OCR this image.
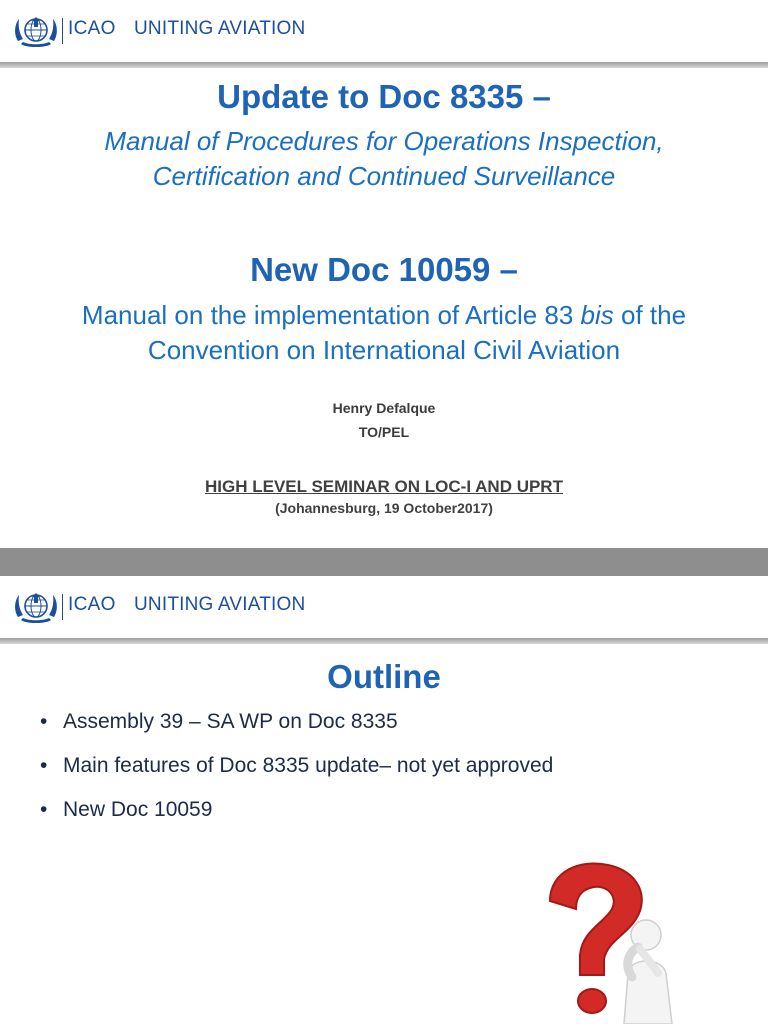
ICAO UNITING AVIATION
Update to Doc 8335 –
Manual of Procedures for Operations Inspection,
Certification and Continued Surveillance
New Doc 10059 –
Manual on the implementation of Article 83 bis of the
Convention on International Civil Aviation
Henry Defalque
TO/PEL
HIGH LEVEL SEMINAR ON LOC-I AND UPRT
(Johannesburg, 19 October2017)
ICAO UNITING AVIATION
Outline
• Assembly 39 – SA WP on Doc 8335
• Main features of Doc 8335 update– not yet approved
• New Doc 10059
